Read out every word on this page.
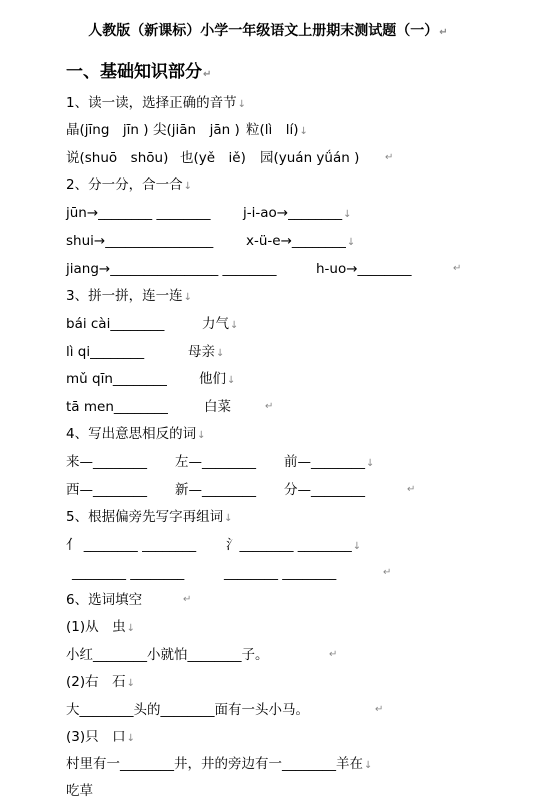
人教版（新课标）小学一年级语文上册期末测试题（一）↵
一、基础知识部分↵
1、读一读，选择正确的音节↓
晶(jīng　jīn ) 尖(jiān　jān ) 粒(lì　lí)↓
说(shuō　shōu) 也(yě　iě) 园(yuán yǘán )	↵
2、分一分，合一合↓
jūn→________ ________ j-i-ao→________↓
shui→________________ x-ü-e→________↓
jiang→________________ ________	h-uo→________	↵
3、拼一拼，连一连↓
bái cài________	力气↓
lì qi________	母亲↓
mǔ qīn________ 他们↓
tā men________	白菜	↵
4、写出意思相反的词↓
来—________ 左—________ 前—________↓
西—________ 新—________ 分—________	↵
5、根据偏旁先写字再组词↓
亻 ________ ________ 氵________ ________↓
________ ________	________ ________	↵
6、选词填空	↵
(1)从　虫↓
小红________小就怕________子。	↵
(2)右　石↓
大________头的________面有一头小马。	↵
(3)只　口↓
村里有一________井，井的旁边有一________羊在↓
吃草
